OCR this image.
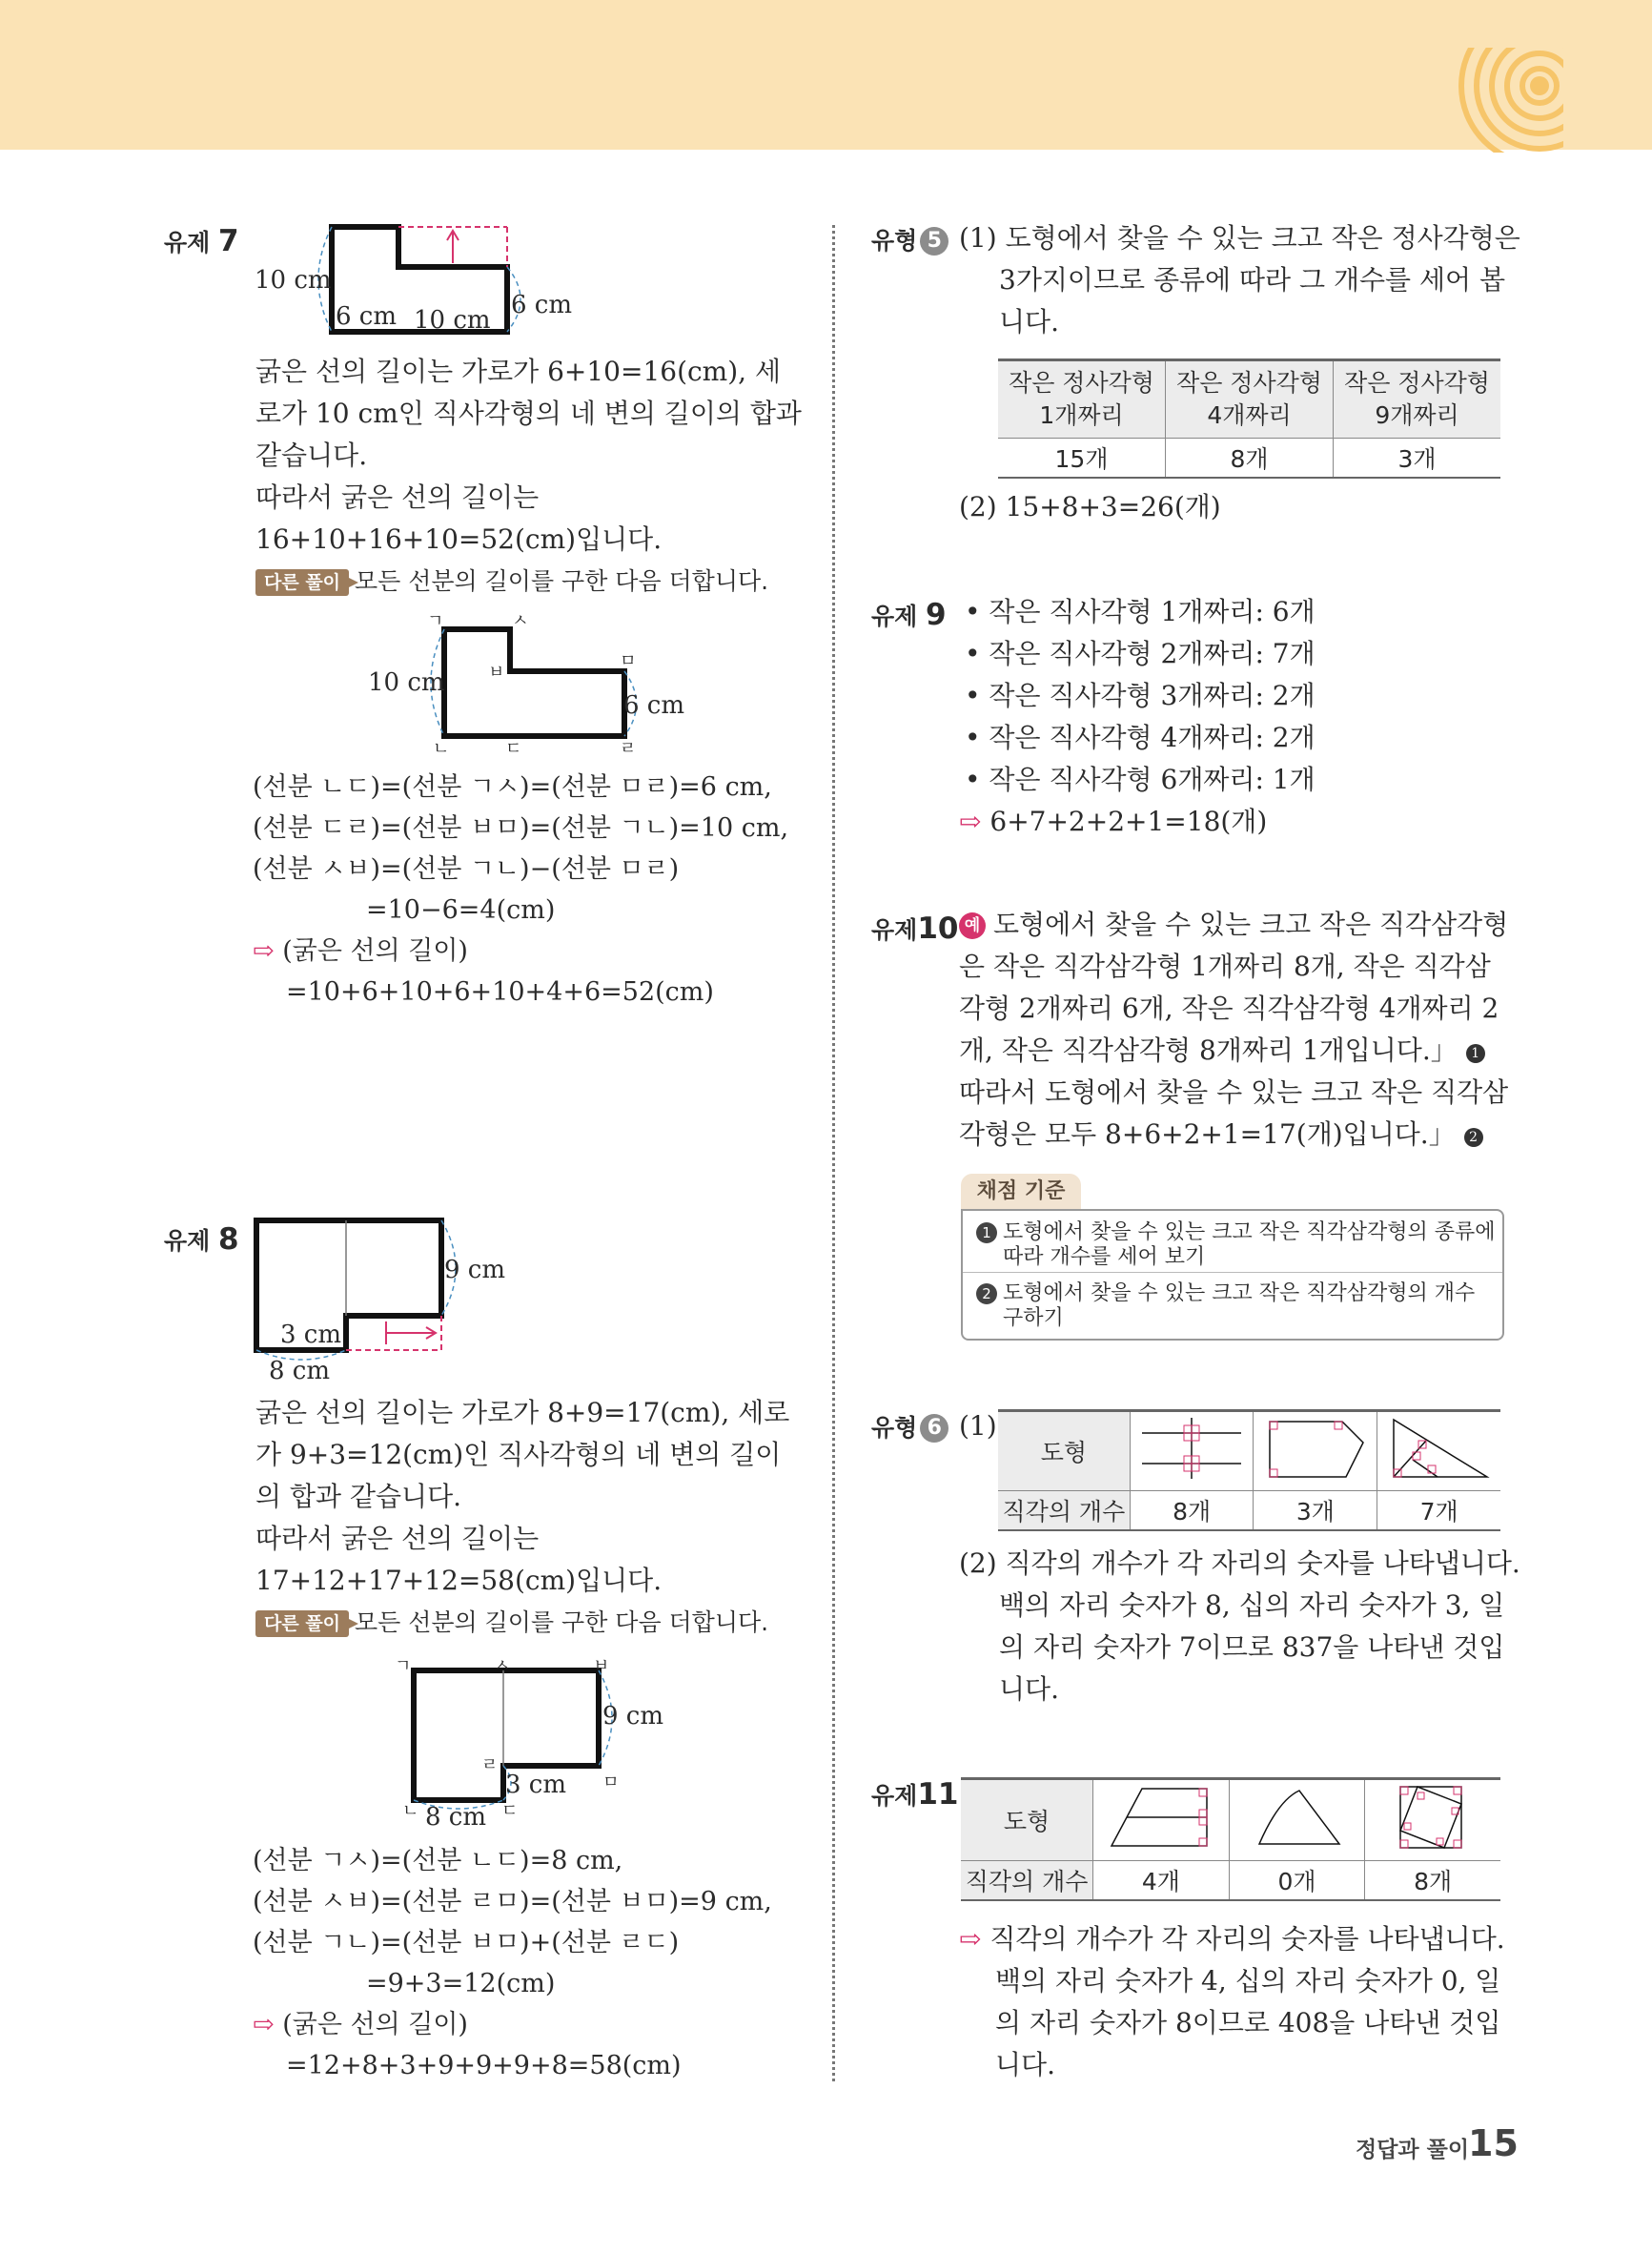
유제 7
10 cm
6 cm 10 cm
6 cm
굵은 선의 길이는 가로가 6+10=16(cm), 세
로가 10 cm인 직사각형의 네 변의 길이의 합과
같습니다.
따라서 굵은 선의 길이는
16+10+16+10=52(cm)입니다.
다른 풀이 모든 선분의 길이를 구한 다음 더합니다.
ㄱ	ㅅ
ㅂ
ㅁ
ㄴ	ㄷ	ㄹ
10 cm
6 cm
(선분 ㄴㄷ)=(선분 ㄱㅅ)=(선분 ㅁㄹ)=6 cm,
(선분 ㄷㄹ)=(선분 ㅂㅁ)=(선분 ㄱㄴ)=10 cm,
(선분 ㅅㅂ)=(선분 ㄱㄴ)−(선분 ㅁㄹ)
=10−6=4(cm)
⇨ (굵은 선의 길이)
=10+6+10+6+10+4+6=52(cm)
유제 8
9 cm
3 cm
8 cm
굵은 선의 길이는 가로가 8+9=17(cm), 세로
가 9+3=12(cm)인 직사각형의 네 변의 길이
의 합과 같습니다.
따라서 굵은 선의 길이는
17+12+17+12=58(cm)입니다.
다른 풀이 모든 선분의 길이를 구한 다음 더합니다.
ㄱ	ㅅ	ㅂ
ㄹ
ㅁ
ㄴ	ㄷ
9 cm
3 cm
8 cm
(선분 ㄱㅅ)=(선분 ㄴㄷ)=8 cm,
(선분 ㅅㅂ)=(선분 ㄹㅁ)=(선분 ㅂㅁ)=9 cm,
(선분 ㄱㄴ)=(선분 ㅂㅁ)+(선분 ㄹㄷ)
=9+3=12(cm)
⇨ (굵은 선의 길이)
=12+8+3+9+9+9+8=58(cm)
유형 5 (1) 도형에서 찾을 수 있는 크고 작은 정사각형은
3가지이므로 종류에 따라 그 개수를 세어 봅
니다.
작은 정사각형
1개짜리	작은 정사각형
4개짜리	작은 정사각형
9개짜리
15개	8개	3개
(2) 15+8+3=26(개)
유제 9 • 작은 직사각형 1개짜리: 6개
• 작은 직사각형 2개짜리: 7개
• 작은 직사각형 3개짜리: 2개
• 작은 직사각형 4개짜리: 2개
• 작은 직사각형 6개짜리: 1개
⇨ 6+7+2+2+1=18(개)
유제10 예 도형에서 찾을 수 있는 크고 작은 직각삼각형
은 작은 직각삼각형 1개짜리 8개, 작은 직각삼
각형 2개짜리 6개, 작은 직각삼각형 4개짜리 2
개, 작은 직각삼각형 8개짜리 1개입니다.」 1
따라서 도형에서 찾을 수 있는 크고 작은 직각삼
각형은 모두 8+6+2+1=17(개)입니다.」 2
채점 기준
1 도형에서 찾을 수 있는 크고 작은 직각삼각형의 종류에
따라 개수를 세어 보기
2 도형에서 찾을 수 있는 크고 작은 직각삼각형의 개수
구하기
유형 6 (1)
도형			
직각의 개수	8개	3개	7개
(2) 직각의 개수가 각 자리의 숫자를 나타냅니다.
백의 자리 숫자가 8, 십의 자리 숫자가 3, 일
의 자리 숫자가 7이므로 837을 나타낸 것입
니다.
유제11
도형			
직각의 개수	4개	0개	8개
⇨ 직각의 개수가 각 자리의 숫자를 나타냅니다.
백의 자리 숫자가 4, 십의 자리 숫자가 0, 일
의 자리 숫자가 8이므로 408을 나타낸 것입
니다.
정답과 풀이
15
